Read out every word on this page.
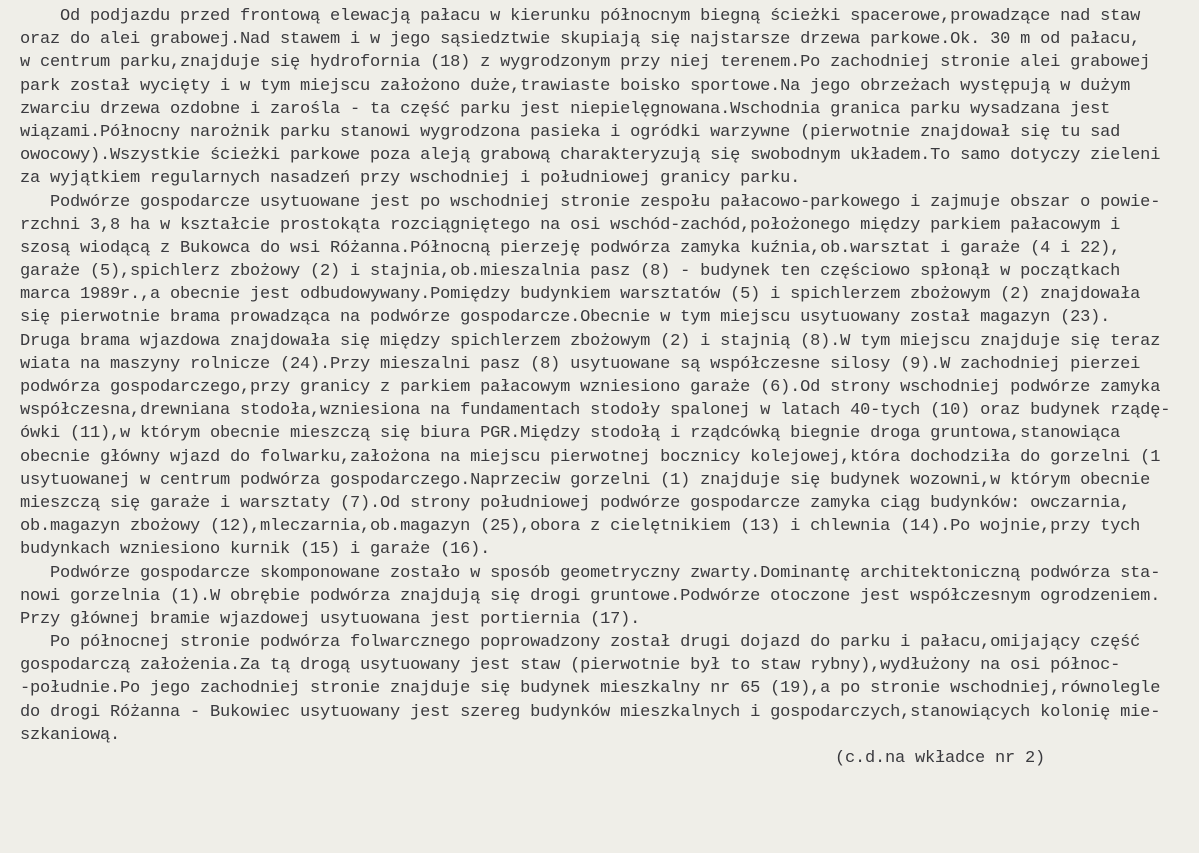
Od podjazdu przed frontową elewacją pałacu w kierunku północnym biegną ścieżki spacerowe,prowadzące nad staw
oraz do alei grabowej.Nad stawem i w jego sąsiedztwie skupiają się najstarsze drzewa parkowe.Ok. 30 m od pałacu,
w centrum parku,znajduje się hydrofornia (18) z wygrodzonym przy niej terenem.Po zachodniej stronie alei grabowej
park został wycięty i w tym miejscu założono duże,trawiaste boisko sportowe.Na jego obrzeżach występują w dużym
zwarciu drzewa ozdobne i zarośla - ta część parku jest niepielęgnowana.Wschodnia granica parku wysadzana jest
wiązami.Północny narożnik parku stanowi wygrodzona pasieka i ogródki warzywne (pierwotnie znajdował się tu sad
owocowy).Wszystkie ścieżki parkowe poza aleją grabową charakteryzują się swobodnym układem.To samo dotyczy zieleni
za wyjątkiem regularnych nasadzeń przy wschodniej i południowej granicy parku.
Podwórze gospodarcze usytuowane jest po wschodniej stronie zespołu pałacowo-parkowego i zajmuje obszar o powie-
rzchni 3,8 ha w kształcie prostokąta rozciągniętego na osi wschód-zachód,położonego między parkiem pałacowym i
szosą wiodącą z Bukowca do wsi Różanna.Północną pierzeję podwórza zamyka kuźnia,ob.warsztat i garaże (4 i 22),
garaże (5),spichlerz zbożowy (2) i stajnia,ob.mieszalnia pasz (8) - budynek ten częściowo spłonął w początkach
marca 1989r.,a obecnie jest odbudowywany.Pomiędzy budynkiem warsztatów (5) i spichlerzem zbożowym (2) znajdowała
się pierwotnie brama prowadząca na podwórze gospodarcze.Obecnie w tym miejscu usytuowany został magazyn (23).
Druga brama wjazdowa znajdowała się między spichlerzem zbożowym (2) i stajnią (8).W tym miejscu znajduje się teraz
wiata na maszyny rolnicze (24).Przy mieszalni pasz (8) usytuowane są współczesne silosy (9).W zachodniej pierzei
podwórza gospodarczego,przy granicy z parkiem pałacowym wzniesiono garaże (6).Od strony wschodniej podwórze zamyka
współczesna,drewniana stodoła,wzniesiona na fundamentach stodoły spalonej w latach 40-tych (10) oraz budynek rządę-
ówki (11),w którym obecnie mieszczą się biura PGR.Między stodołą i rządcówką biegnie droga gruntowa,stanowiąca
obecnie główny wjazd do folwarku,założona na miejscu pierwotnej bocznicy kolejowej,która dochodziła do gorzelni (1
usytuowanej w centrum podwórza gospodarczego.Naprzeciw gorzelni (1) znajduje się budynek wozowni,w którym obecnie
mieszczą się garaże i warsztaty (7).Od strony południowej podwórze gospodarcze zamyka ciąg budynków: owczarnia,
ob.magazyn zbożowy (12),mleczarnia,ob.magazyn (25),obora z cielętnikiem (13) i chlewnia (14).Po wojnie,przy tych
budynkach wzniesiono kurnik (15) i garaże (16).
Podwórze gospodarcze skomponowane zostało w sposób geometryczny zwarty.Dominantę architektoniczną podwórza sta-
nowi gorzelnia (1).W obrębie podwórza znajdują się drogi gruntowe.Podwórze otoczone jest współczesnym ogrodzeniem.
Przy głównej bramie wjazdowej usytuowana jest portiernia (17).
Po północnej stronie podwórza folwarcznego poprowadzony został drugi dojazd do parku i pałacu,omijający część
gospodarczą założenia.Za tą drogą usytuowany jest staw (pierwotnie był to staw rybny),wydłużony na osi północ-
-południe.Po jego zachodniej stronie znajduje się budynek mieszkalny nr 65 (19),a po stronie wschodniej,równolegle
do drogi Różanna - Bukowiec usytuowany jest szereg budynków mieszkalnych i gospodarczych,stanowiących kolonię mie-
szkaniową.
(c.d.na wkładce nr 2)
